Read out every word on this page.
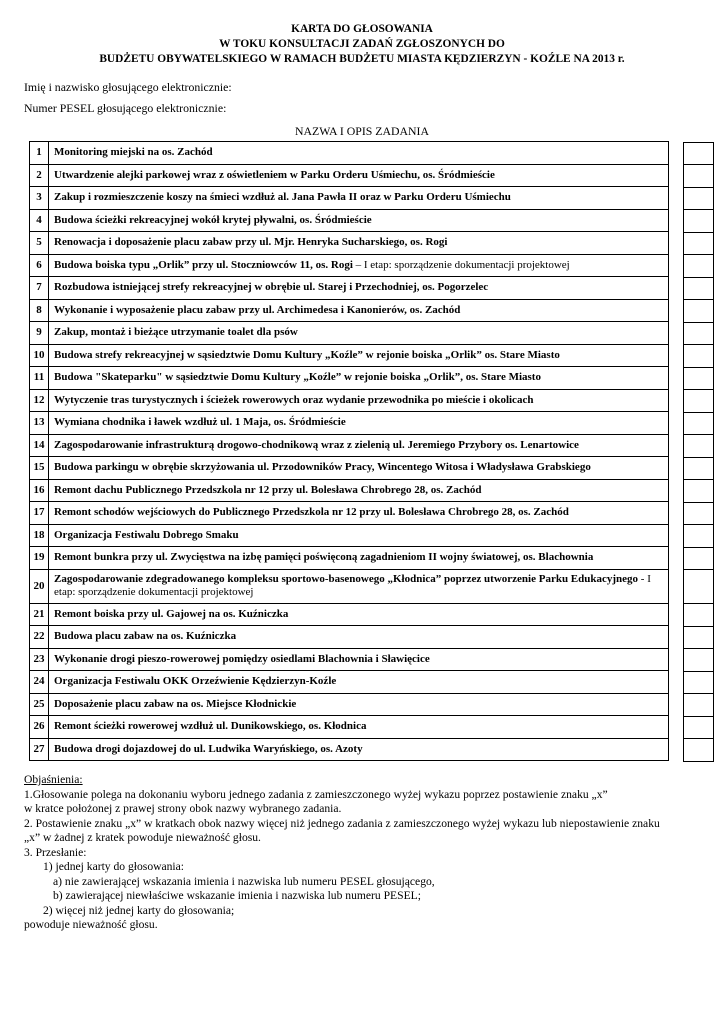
KARTA DO GŁOSOWANIA
W TOKU KONSULTACJI ZADAŃ ZGŁOSZONYCH DO
BUDŻETU OBYWATELSKIEGO W RAMACH BUDŻETU MIASTA KĘDZIERZYN - KOŹLE NA 2013 r.
Imię i nazwisko głosującego elektronicznie:
Numer PESEL głosującego elektronicznie:
NAZWA I OPIS ZADANIA
1	Monitoring miejski na os. Zachód
2	Utwardzenie alejki parkowej wraz z oświetleniem w Parku Orderu Uśmiechu, os. Śródmieście
3	Zakup i rozmieszczenie koszy na śmieci wzdłuż al. Jana Pawła II oraz w Parku Orderu Uśmiechu
4	Budowa ścieżki rekreacyjnej wokół krytej pływalni, os. Śródmieście
5	Renowacja i doposażenie placu zabaw przy ul. Mjr. Henryka Sucharskiego, os. Rogi
6	Budowa boiska typu „Orlik” przy ul. Stoczniowców 11, os. Rogi – I etap: sporządzenie dokumentacji projektowej
7	Rozbudowa istniejącej strefy rekreacyjnej w obrębie ul. Starej i Przechodniej, os. Pogorzelec
8	Wykonanie i wyposażenie placu zabaw przy ul. Archimedesa i Kanonierów, os. Zachód
9	Zakup, montaż i bieżące utrzymanie toalet dla psów
10	Budowa strefy rekreacyjnej w sąsiedztwie Domu Kultury „Koźle” w rejonie boiska „Orlik” os. Stare Miasto
11	Budowa "Skateparku" w sąsiedztwie Domu Kultury „Koźle” w rejonie boiska „Orlik”, os. Stare Miasto
12	Wytyczenie tras turystycznych i ścieżek rowerowych oraz wydanie przewodnika po mieście i okolicach
13	Wymiana chodnika i ławek wzdłuż ul. 1 Maja, os. Śródmieście
14	Zagospodarowanie infrastrukturą drogowo-chodnikową wraz z zielenią ul. Jeremiego Przybory os. Lenartowice
15	Budowa parkingu w obrębie skrzyżowania ul. Przodowników Pracy, Wincentego Witosa i Władysława Grabskiego
16	Remont dachu Publicznego Przedszkola nr 12 przy ul. Bolesława Chrobrego 28, os. Zachód
17	Remont schodów wejściowych do Publicznego Przedszkola nr 12 przy ul. Bolesława Chrobrego 28, os. Zachód
18	Organizacja Festiwalu Dobrego Smaku
19	Remont bunkra przy ul. Zwycięstwa na izbę pamięci poświęconą zagadnieniom II wojny światowej, os. Blachownia
20	Zagospodarowanie zdegradowanego kompleksu sportowo-basenowego „Kłodnica” poprzez utworzenie Parku Edukacyjnego - I etap: sporządzenie dokumentacji projektowej
21	Remont boiska przy ul. Gajowej na os. Kuźniczka
22	Budowa placu zabaw na os. Kuźniczka
23	Wykonanie drogi pieszo-rowerowej pomiędzy osiedlami Blachownia i Sławięcice
24	Organizacja Festiwalu OKK Orzeźwienie Kędzierzyn-Koźle
25	Doposażenie placu zabaw na os. Miejsce Kłodnickie
26	Remont ścieżki rowerowej wzdłuż ul. Dunikowskiego, os. Kłodnica
27	Budowa drogi dojazdowej do ul. Ludwika Waryńskiego, os. Azoty
Objaśnienia:
1.Głosowanie polega na dokonaniu wyboru jednego zadania z zamieszczonego wyżej wykazu poprzez postawienie znaku „x”
w kratce położonej z prawej strony obok nazwy wybranego zadania.
2. Postawienie znaku „x” w kratkach obok nazwy więcej niż jednego zadania z zamieszczonego wyżej wykazu lub niepostawienie znaku
„x” w żadnej z kratek powoduje nieważność głosu.
3. Przesłanie:
1) jednej karty do głosowania:
a) nie zawierającej wskazania imienia i nazwiska lub numeru PESEL głosującego,
b) zawierającej niewłaściwe wskazanie imienia i nazwiska lub numeru PESEL;
2) więcej niż jednej karty do głosowania;
powoduje nieważność głosu.
